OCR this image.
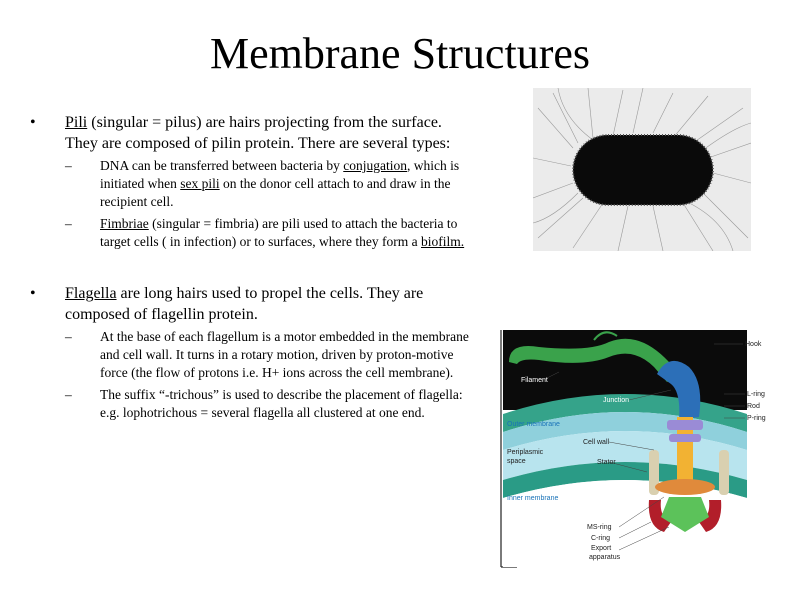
Membrane Structures
• Pili (singular = pilus) are hairs projecting from the surface. They are composed of pilin protein. There are several types:
– DNA can be transferred between bacteria by conjugation, which is initiated when sex pili on the donor cell attach to and draw in the recipient cell.
– Fimbriae (singular = fimbria) are pili used to attach the bacteria to target cells ( in infection) or to surfaces, where they form a biofilm.
• Flagella are long hairs used to propel the cells. They are composed of flagellin protein.
– At the base of each flagellum is a motor embedded in the membrane and cell wall. It turns in a rotary motion, driven by proton-motive force (the flow of protons i.e. H+ ions across the cell membrane).
– The suffix “-trichous” is used to describe the placement of flagella: e.g. lophotrichous = several flagella all clustered at one end.
Hook
Filament
Junction
L-ring
Rod
P-ring
Outer membrane
Cell wall
Periplasmic
space	Stator
Inner membrane
MS-ring
C-ring
Export
apparatus
